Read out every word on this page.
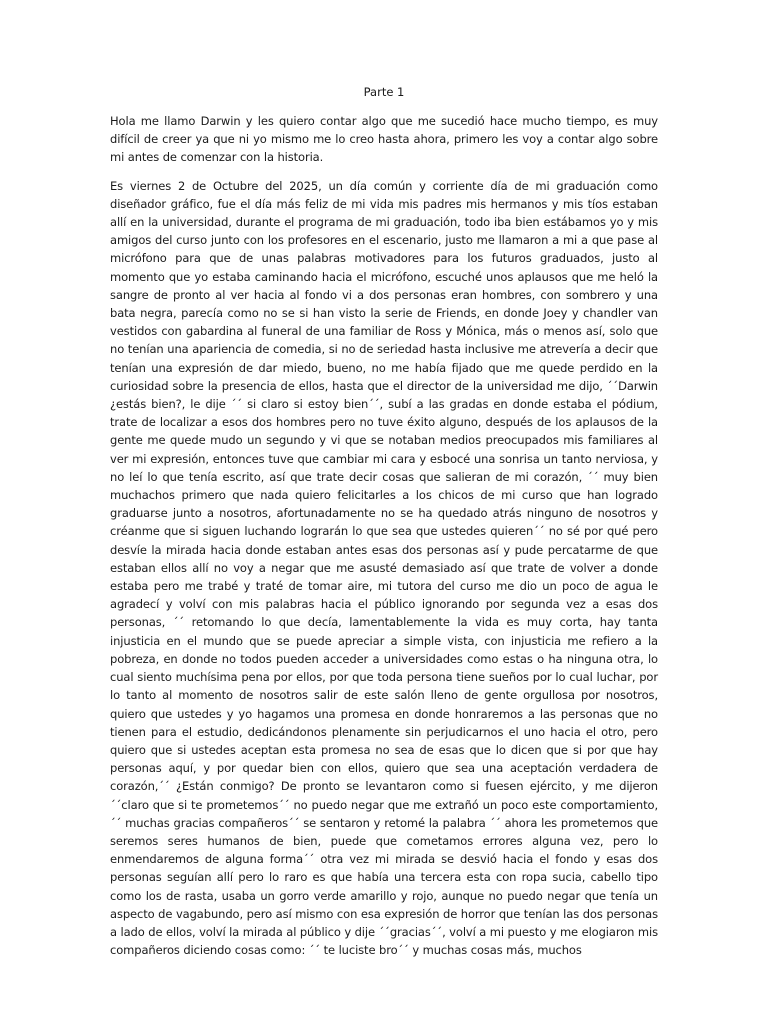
Parte 1

Hola me llamo Darwin y les quiero contar algo que me sucedió hace mucho tiempo, es muy difícil de creer ya que ni yo mismo me lo creo hasta ahora, primero les voy a contar algo sobre mi antes de comenzar con la historia.

Es viernes 2 de Octubre del 2025, un día común y corriente día de mi graduación como diseñador gráfico, fue el día más feliz de mi vida mis padres mis hermanos y mis tíos estaban allí en la universidad, durante el programa de mi graduación, todo iba bien estábamos yo y mis amigos del curso junto con los profesores en el escenario, justo me llamaron a mi a que pase al micrófono para que de unas palabras motivadores para los futuros graduados, justo al momento que yo estaba caminando hacia el micrófono, escuché unos aplausos que me heló la sangre de pronto al ver hacia al fondo vi a dos personas eran hombres, con sombrero y una bata negra, parecía como no se si han visto la serie de Friends, en donde Joey y chandler van vestidos con gabardina al funeral de una familiar de Ross y Mónica, más o menos así, solo que no tenían una apariencia de comedia, si no de seriedad hasta inclusive me atrevería a decir que tenían una expresión de dar miedo, bueno, no me había fijado que me quede perdido en la curiosidad sobre la presencia de ellos, hasta que el director de la universidad me dijo, ´´Darwin ¿estás bien?, le dije ´´ si claro si estoy bien´´, subí a las gradas en donde estaba el pódium, trate de localizar a esos dos hombres pero no tuve éxito alguno, después de los aplausos de la gente me quede mudo un segundo y vi que se notaban medios preocupados mis familiares al ver mi expresión, entonces tuve que cambiar mi cara y esbocé una sonrisa un tanto nerviosa, y no leí lo que tenía escrito, así que trate decir cosas que salieran de mi corazón, ´´ muy bien muchachos primero que nada quiero felicitarles a los chicos de mi curso que han logrado graduarse junto a nosotros, afortunadamente no se ha quedado atrás ninguno de nosotros y créanme que si siguen luchando lograrán lo que sea que ustedes quieren´´ no sé por qué pero desvíe la mirada hacia donde estaban antes esas dos personas así y pude percatarme de que estaban ellos allí no voy a negar que me asusté demasiado así que trate de volver a donde estaba pero me trabé y traté de tomar aire, mi tutora del curso me dio un poco de agua le agradecí y volví con mis palabras hacia el público ignorando por segunda vez a esas dos personas, ´´ retomando lo que decía, lamentablemente la vida es muy corta, hay tanta injusticia en el mundo que se puede apreciar a simple vista, con injusticia me refiero a la pobreza, en donde no todos pueden acceder a universidades como estas o ha ninguna otra, lo cual siento muchísima pena por ellos, por que toda persona tiene sueños por lo cual luchar, por lo tanto al momento de nosotros salir de este salón lleno de gente orgullosa por nosotros, quiero que ustedes y yo hagamos una promesa en donde honraremos a las personas que no tienen para el estudio, dedicándonos plenamente sin perjudicarnos el uno hacia el otro, pero quiero que si ustedes aceptan esta promesa no sea de esas que lo dicen que si por que hay personas aquí, y por quedar bien con ellos, quiero que sea una aceptación verdadera de corazón,´´ ¿Están conmigo? De pronto se levantaron como si fuesen ejército, y me dijeron ´´claro que si te prometemos´´ no puedo negar que me extrañó un poco este comportamiento, ´´ muchas gracias compañeros´´ se sentaron y retomé la palabra ´´ ahora les prometemos que seremos seres humanos de bien, puede que cometamos errores alguna vez, pero lo enmendaremos de alguna forma´´ otra vez mi mirada se desvió hacia el fondo y esas dos personas seguían allí pero lo raro es que había una tercera esta con ropa sucia, cabello tipo como los de rasta, usaba un gorro verde amarillo y rojo, aunque no puedo negar que tenía un aspecto de vagabundo, pero así mismo con esa expresión de horror que tenían las dos personas a lado de ellos, volví la mirada al público y dije ´´gracias´´, volví a mi puesto y me elogiaron mis compañeros diciendo cosas como: ´´ te luciste bro´´ y muchas cosas más, muchos
